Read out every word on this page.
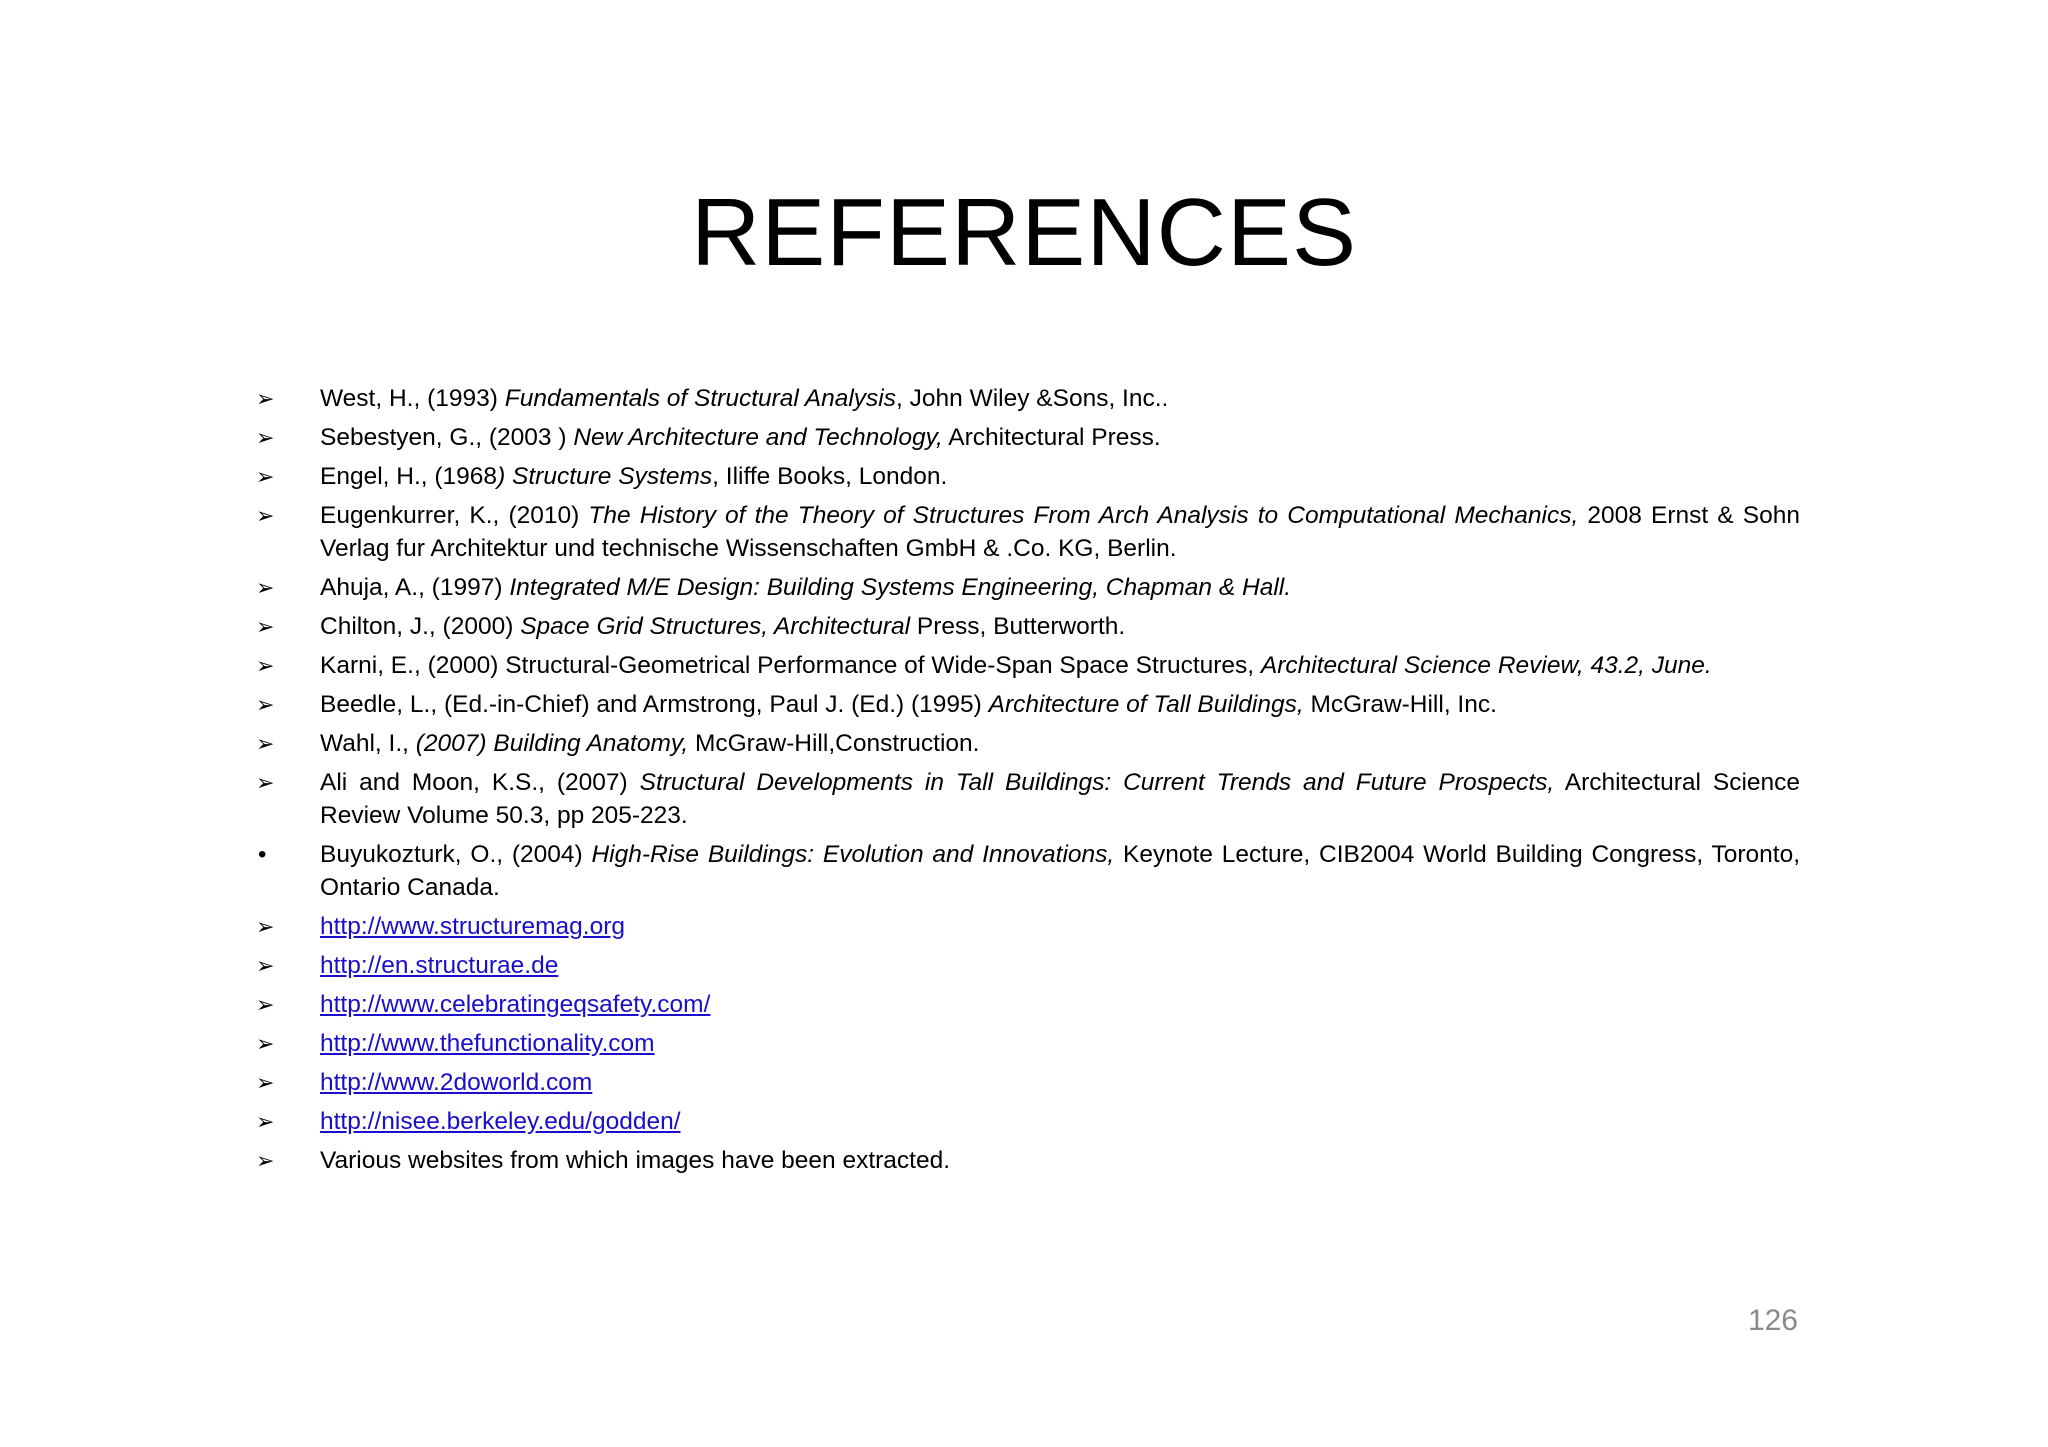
REFERENCES
➢	West, H., (1993) Fundamentals of Structural Analysis, John Wiley &Sons, Inc..
➢	Sebestyen, G., (2003 ) New Architecture and Technology, Architectural Press.
➢	Engel, H., (1968) Structure Systems, Iliffe Books, London.
➢	Eugenkurrer, K., (2010) The History of the Theory of Structures From Arch Analysis to Computational Mechanics, 2008 Ernst & Sohn Verlag fur Architektur und technische Wissenschaften GmbH & .Co. KG, Berlin.
➢	Ahuja, A., (1997) Integrated M/E Design: Building Systems Engineering, Chapman & Hall.
➢	Chilton, J., (2000) Space Grid Structures, Architectural Press, Butterworth.
➢	Karni, E., (2000) Structural-Geometrical Performance of Wide-Span Space Structures, Architectural Science Review, 43.2, June.
➢	Beedle, L., (Ed.-in-Chief) and Armstrong, Paul J. (Ed.) (1995) Architecture of Tall Buildings, McGraw-Hill, Inc.
➢	Wahl, I., (2007) Building Anatomy, McGraw-Hill,Construction.
➢	Ali and Moon, K.S., (2007) Structural Developments in Tall Buildings: Current Trends and Future Prospects, Architectural Science Review Volume 50.3, pp 205-223.
•	Buyukozturk, O., (2004) High-Rise Buildings: Evolution and Innovations, Keynote Lecture, CIB2004 World Building Congress, Toronto, Ontario Canada.
➢	http://www.structuremag.org
➢	http://en.structurae.de
➢	http://www.celebratingeqsafety.com/
➢	http://www.thefunctionality.com
➢	http://www.2doworld.com
➢	http://nisee.berkeley.edu/godden/
➢	Various websites from which images have been extracted.
126
